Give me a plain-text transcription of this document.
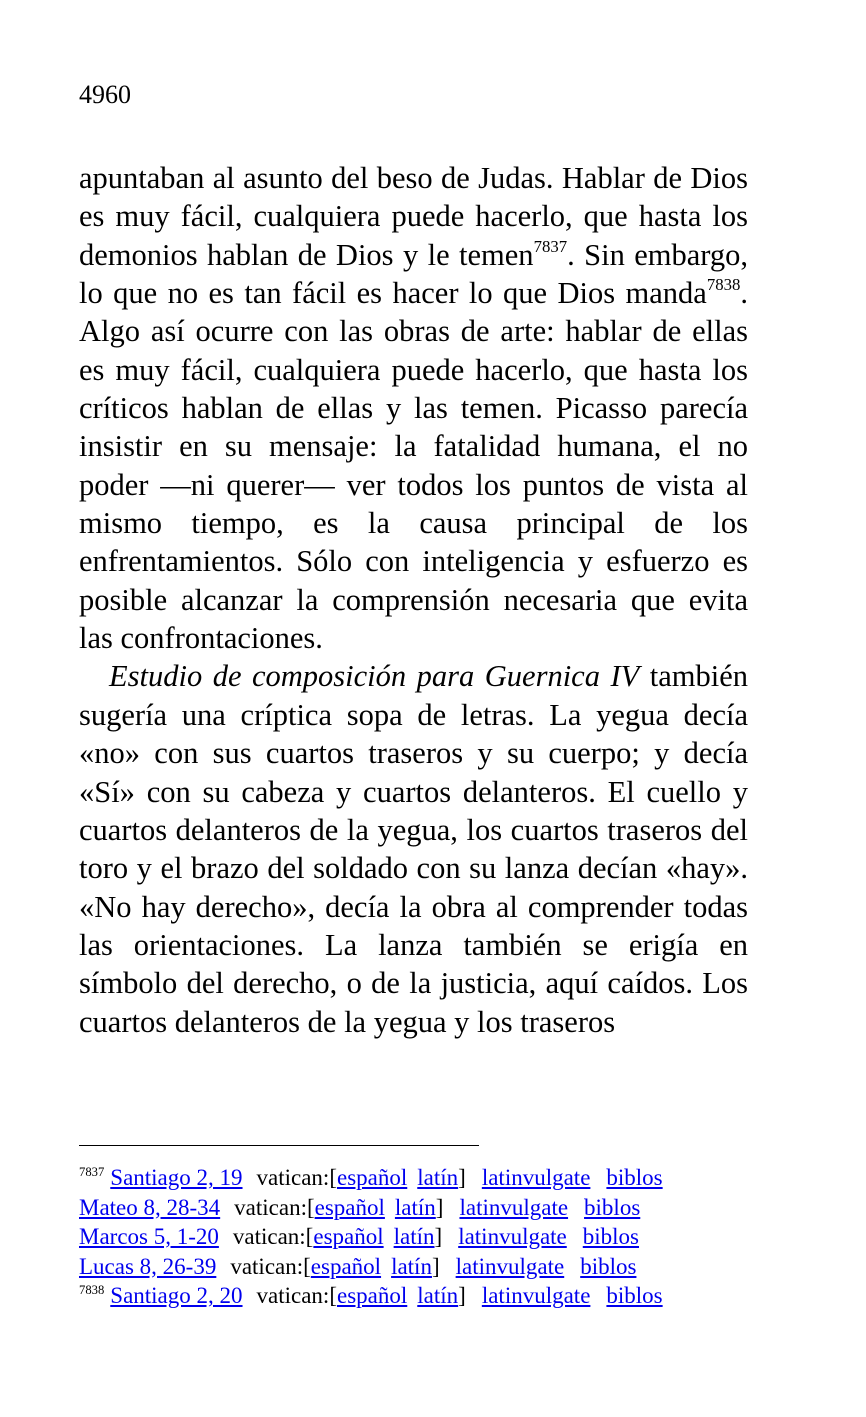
4960

apuntaban al asunto del beso de Judas. Hablar de Dios es muy fácil, cualquiera puede hacerlo, que hasta los demonios hablan de Dios y le temen$^{7837}$. Sin embargo, lo que no es tan fácil es hacer lo que Dios manda$^{7838}$. Algo así ocurre con las obras de arte: hablar de ellas es muy fácil, cualquiera puede hacerlo, que hasta los críticos hablan de ellas y las temen. Picasso parecía insistir en su mensaje: la fatalidad humana, el no poder —ni querer— ver todos los puntos de vista al mismo tiempo, es la causa principal de los enfrentamientos. Sólo con inteligencia y esfuerzo es posible alcanzar la comprensión necesaria que evita las confrontaciones.

Estudio de composición para Guernica IV también sugería una críptica sopa de letras. La yegua decía «no» con sus cuartos traseros y su cuerpo; y decía «Sí» con su cabeza y cuartos delanteros. El cuello y cuartos delanteros de la yegua, los cuartos traseros del toro y el brazo del soldado con su lanza decían «hay». «No hay derecho», decía la obra al comprender todas las orientaciones. La lanza también se erigía en símbolo del derecho, o de la justicia, aquí caídos. Los cuartos delanteros de la yegua y los traseros

$^{7837}$ Santiago 2, 19 vatican:[español latín] latinvulgate biblos
Mateo 8, 28-34 vatican:[español latín] latinvulgate biblos
Marcos 5, 1-20 vatican:[español latín] latinvulgate biblos
Lucas 8, 26-39 vatican:[español latín] latinvulgate biblos
$^{7838}$ Santiago 2, 20 vatican:[español latín] latinvulgate biblos
